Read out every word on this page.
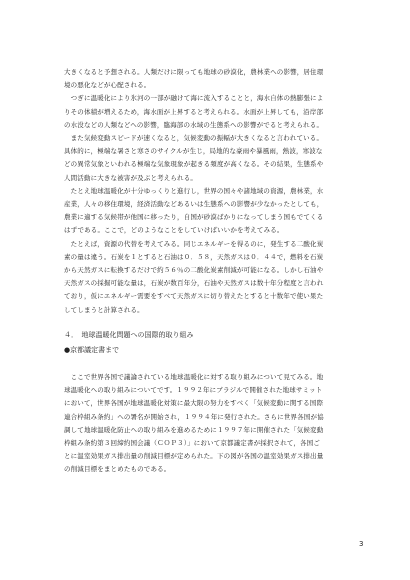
大きくなると予想される。人類だけに限っても地球の砂漠化，農林業への影響，居住環

境の悪化などが心配される。

　つぎに温暖化により氷河の一部が融けて海に流入することと，海水自体の熱膨張によ

りその体積が増えるため，海水面が上昇すると考えられる。水面が上昇しても，沿岸部

の水没などの人類などへの影響，臨海部の水域の生態系への影響がでると考えられる。

　また気候変動スピードが速くなると，気候変動の振幅が大きくなると言われている。

具体的に，極端な暑さと寒さのサイクルが生じ，局地的な豪雨や暴風雨，熱波，寒波な

どの異常気象といわれる極端な気象現象が起きる頻度が高くなる。その結果，生態系や

人間活動に大きな被害が及ぶと考えられる。

　たとえ地球温暖化が十分ゆっくりと進行し，世界の国々や諸地域の資源，農林業，水

産業，人々の移住環境，経済活動などあるいは生態系への影響が少なかったとしても，

農業に適する気候帯が他国に移ったり，自国が砂漠ばかりになってしまう国もでてくる

はずである。ここで，どのようなことをしていけばいいかを考えてみる。

　たとえば，資源の代替を考えてみる。同じエネルギーを得るのに，発生する二酸化炭

素の量は違う。石炭を１とすると石油は０．５８，天然ガスは０．４４で，燃料を石炭

から天然ガスに転換するだけで約５６％の二酸化炭素削減が可能になる。しかし石油や

天然ガスの採掘可能な量は，石炭が数百年分，石油や天然ガスは数十年分程度と言われ

ており，仮にエネルギー需要をすべて天然ガスに切り替えたとすると十数年で使い果た

してしまうと計算される。

４．　地球温暖化問題への国際的取り組み
●京都議定書まで

　ここで世界各国で議論されている地球温暖化に対する取り組みについて見てみる。地

球温暖化への取り組みについてです。１９９２年にブラジルで開催された地球サミット

において，世界各国が地球温暖化対策に最大限の努力をすべく「気候変動に関する国際

連合枠組み条約」への署名が開始され，１９９４年に発行された。さらに世界各国が協

調して地球温暖化防止への取り組みを進めるために１９９７年に開催された「気候変動

枠組み条約第３回締約国会議（ＣＯＰ３）」において京都議定書が採択されて，各国ご

とに温室効果ガス排出量の削減目標が定められた。下の図が各国の温室効果ガス排出量

の削減目標をまとめたものである。

3
